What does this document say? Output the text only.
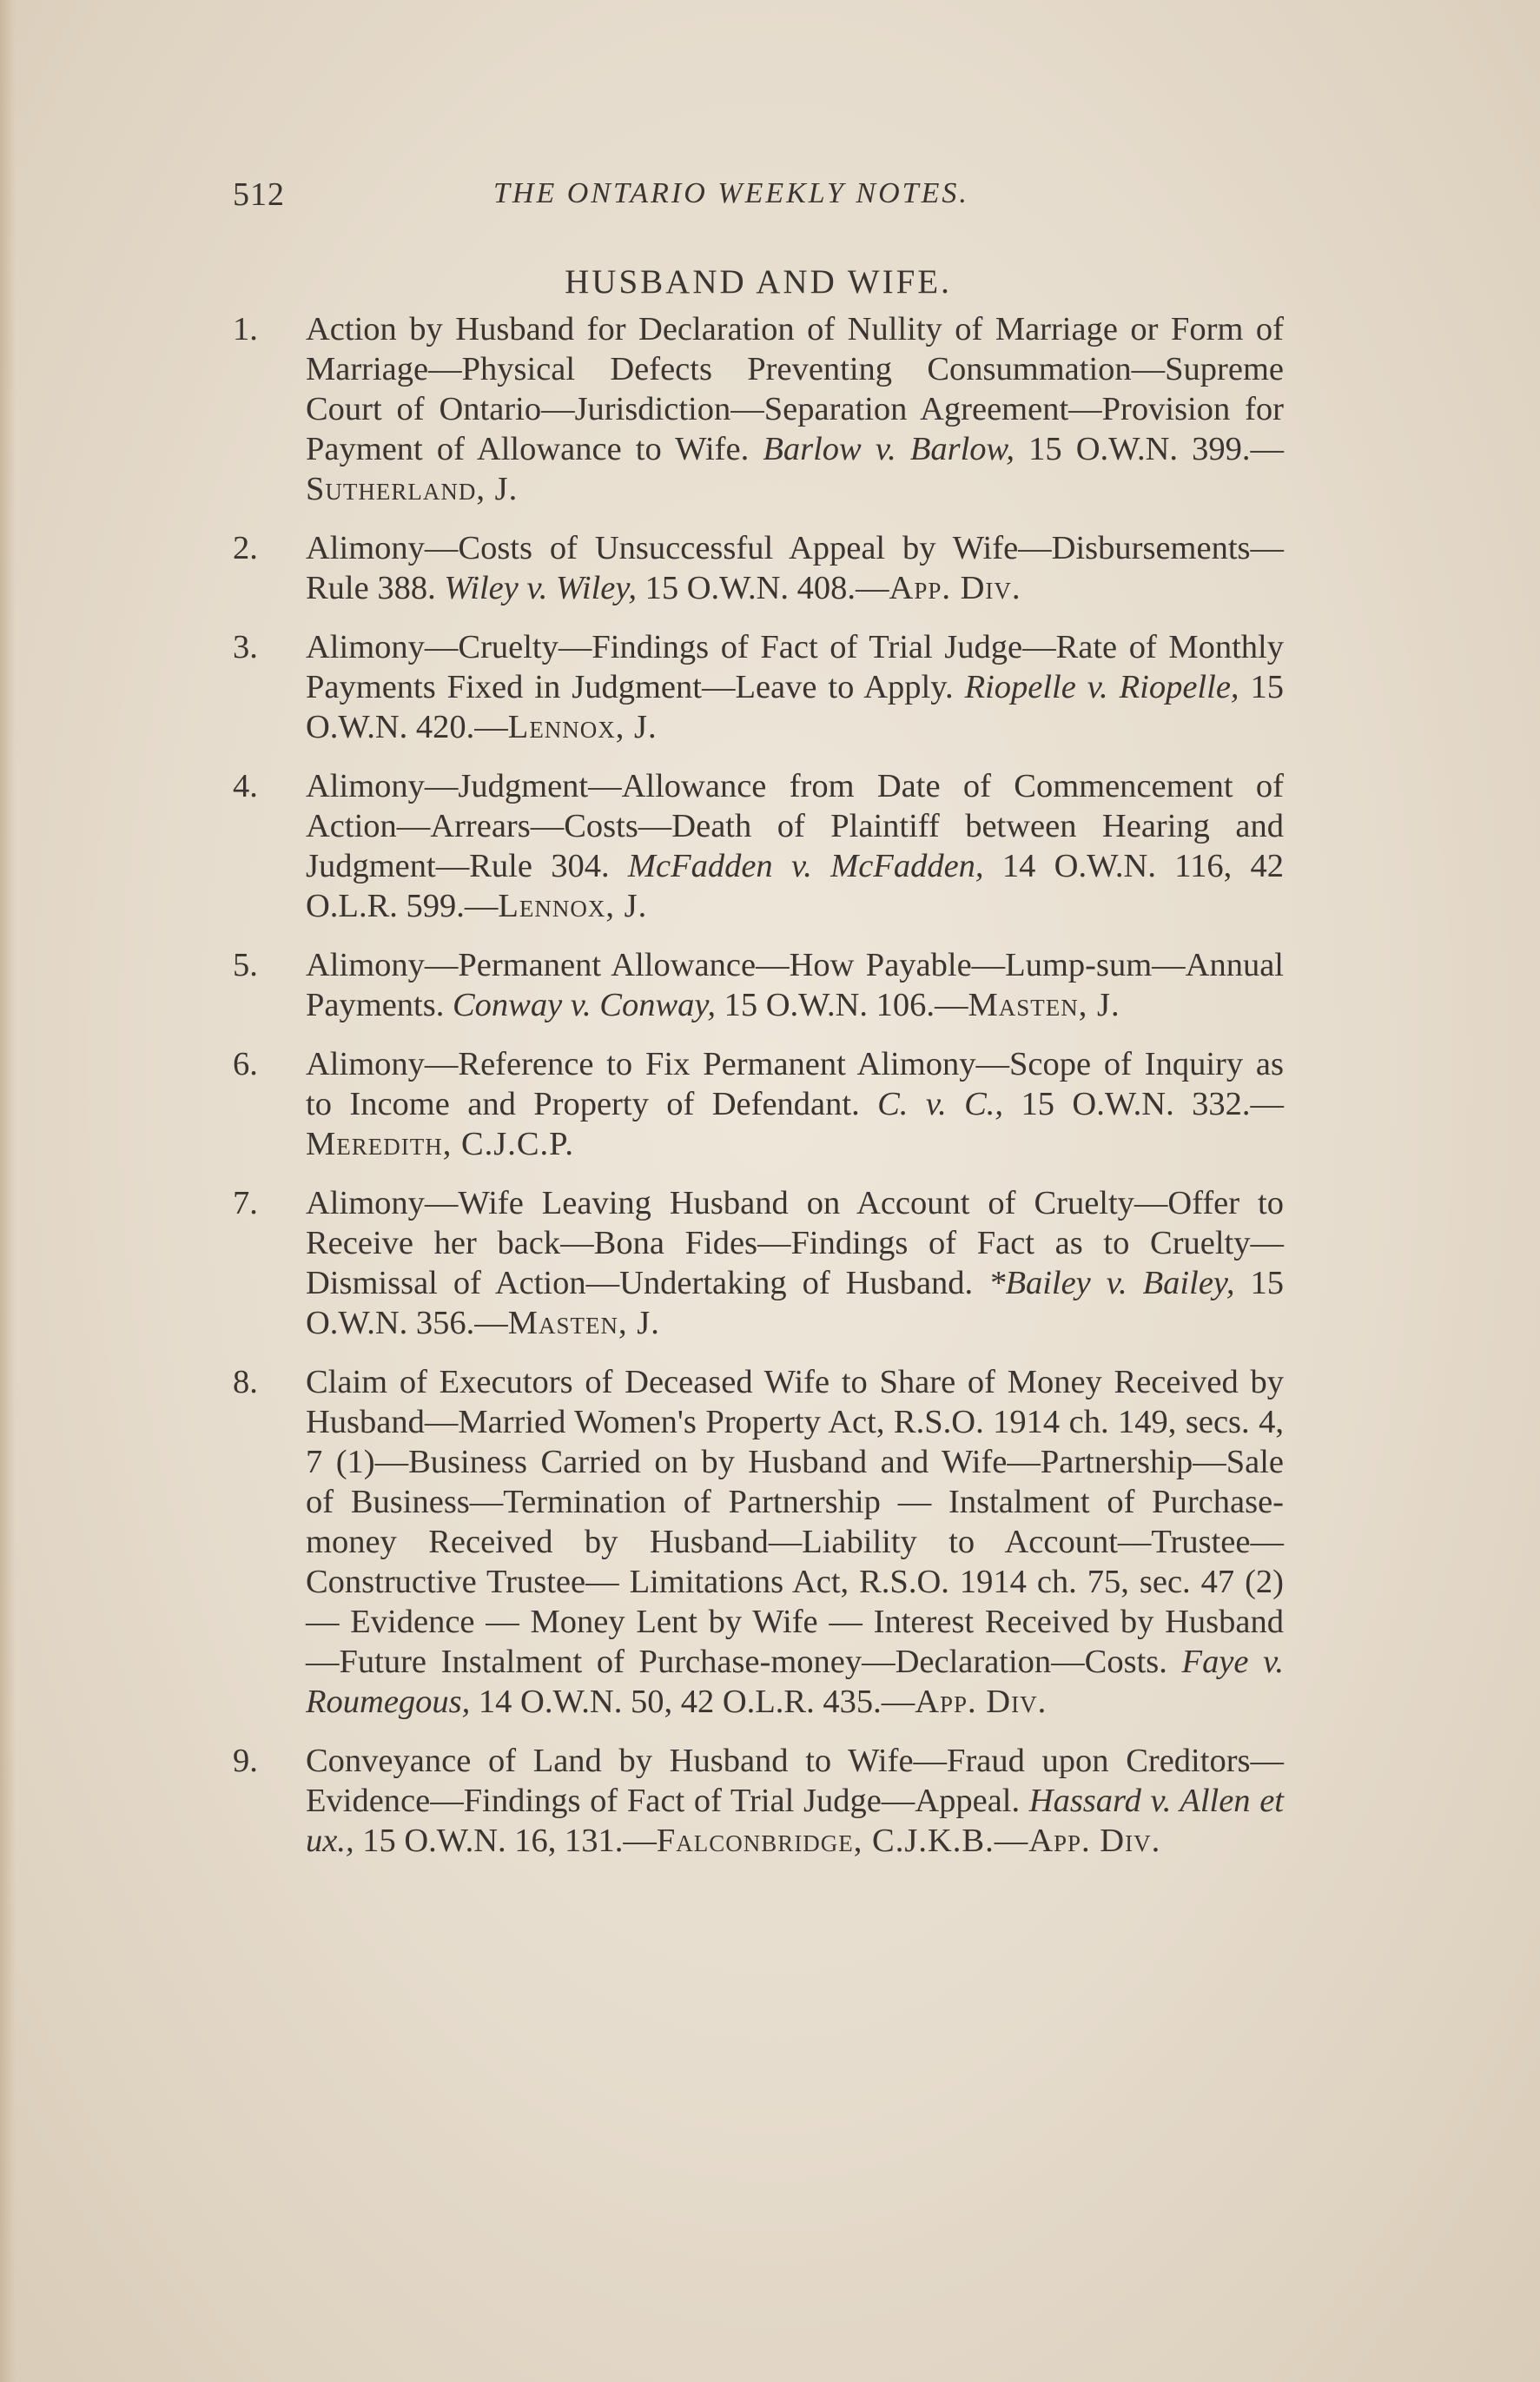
512	THE ONTARIO WEEKLY NOTES.
HUSBAND AND WIFE.
1.	Action by Husband for Declaration of Nullity of Marriage or Form of Marriage—Physical Defects Preventing Consummation—Supreme Court of Ontario—Jurisdiction—Separation Agreement—Provision for Payment of Allowance to Wife. Barlow v. Barlow, 15 O.W.N. 399.—Sutherland, J.
2.	Alimony—Costs of Unsuccessful Appeal by Wife—Disbursements—Rule 388. Wiley v. Wiley, 15 O.W.N. 408.—App. Div.
3.	Alimony—Cruelty—Findings of Fact of Trial Judge—Rate of Monthly Payments Fixed in Judgment—Leave to Apply. Riopelle v. Riopelle, 15 O.W.N. 420.—Lennox, J.
4.	Alimony—Judgment—Allowance from Date of Commencement of Action—Arrears—Costs—Death of Plaintiff between Hearing and Judgment—Rule 304. McFadden v. McFadden, 14 O.W.N. 116, 42 O.L.R. 599.—Lennox, J.
5.	Alimony—Permanent Allowance—How Payable—Lump-sum—Annual Payments. Conway v. Conway, 15 O.W.N. 106.—Masten, J.
6.	Alimony—Reference to Fix Permanent Alimony—Scope of Inquiry as to Income and Property of Defendant. C. v. C., 15 O.W.N. 332.—Meredith, C.J.C.P.
7.	Alimony—Wife Leaving Husband on Account of Cruelty—Offer to Receive her back—Bona Fides—Findings of Fact as to Cruelty—Dismissal of Action—Undertaking of Husband. *Bailey v. Bailey, 15 O.W.N. 356.—Masten, J.
8.	Claim of Executors of Deceased Wife to Share of Money Received by Husband—Married Women's Property Act, R.S.O. 1914 ch. 149, secs. 4, 7 (1)—Business Carried on by Husband and Wife—Partnership—Sale of Business—Termination of Partnership — Instalment of Purchase-money Received by Husband—Liability to Account—Trustee—Constructive Trustee— Limitations Act, R.S.O. 1914 ch. 75, sec. 47 (2) — Evidence — Money Lent by Wife — Interest Received by Husband—Future Instalment of Purchase-money—Declaration—Costs. Faye v. Roumegous, 14 O.W.N. 50, 42 O.L.R. 435.—App. Div.
9.	Conveyance of Land by Husband to Wife—Fraud upon Creditors—Evidence—Findings of Fact of Trial Judge—Appeal. Hassard v. Allen et ux., 15 O.W.N. 16, 131.—Falconbridge, C.J.K.B.—App. Div.
